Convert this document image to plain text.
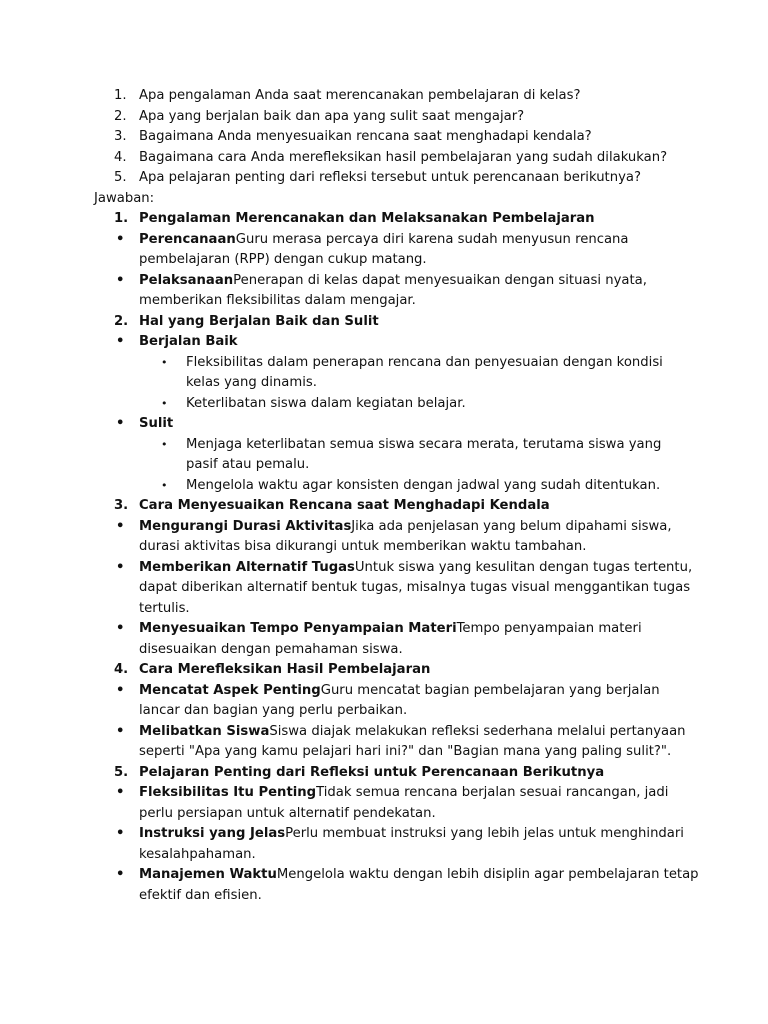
1. Apa pengalaman Anda saat merencanakan pembelajaran di kelas?
2. Apa yang berjalan baik dan apa yang sulit saat mengajar?
3. Bagaimana Anda menyesuaikan rencana saat menghadapi kendala?
4. Bagaimana cara Anda merefleksikan hasil pembelajaran yang sudah dilakukan?
5. Apa pelajaran penting dari refleksi tersebut untuk perencanaan berikutnya?
Jawaban:
1. Pengalaman Merencanakan dan Melaksanakan Pembelajaran
• PerencanaanGuru merasa percaya diri karena sudah menyusun rencana pembelajaran (RPP) dengan cukup matang.
• PelaksanaanPenerapan di kelas dapat menyesuaikan dengan situasi nyata, memberikan fleksibilitas dalam mengajar.
2. Hal yang Berjalan Baik dan Sulit
• Berjalan Baik
• Fleksibilitas dalam penerapan rencana dan penyesuaian dengan kondisi kelas yang dinamis.
• Keterlibatan siswa dalam kegiatan belajar.
• Sulit
• Menjaga keterlibatan semua siswa secara merata, terutama siswa yang pasif atau pemalu.
• Mengelola waktu agar konsisten dengan jadwal yang sudah ditentukan.
3. Cara Menyesuaikan Rencana saat Menghadapi Kendala
• Mengurangi Durasi AktivitasJika ada penjelasan yang belum dipahami siswa, durasi aktivitas bisa dikurangi untuk memberikan waktu tambahan.
• Memberikan Alternatif TugasUntuk siswa yang kesulitan dengan tugas tertentu, dapat diberikan alternatif bentuk tugas, misalnya tugas visual menggantikan tugas tertulis.
• Menyesuaikan Tempo Penyampaian MateriTempo penyampaian materi disesuaikan dengan pemahaman siswa.
4. Cara Merefleksikan Hasil Pembelajaran
• Mencatat Aspek PentingGuru mencatat bagian pembelajaran yang berjalan lancar dan bagian yang perlu perbaikan.
• Melibatkan SiswaSiswa diajak melakukan refleksi sederhana melalui pertanyaan seperti "Apa yang kamu pelajari hari ini?" dan "Bagian mana yang paling sulit?".
5. Pelajaran Penting dari Refleksi untuk Perencanaan Berikutnya
• Fleksibilitas Itu PentingTidak semua rencana berjalan sesuai rancangan, jadi perlu persiapan untuk alternatif pendekatan.
• Instruksi yang JelasPerlu membuat instruksi yang lebih jelas untuk menghindari kesalahpahaman.
• Manajemen WaktuMengelola waktu dengan lebih disiplin agar pembelajaran tetap efektif dan efisien.
